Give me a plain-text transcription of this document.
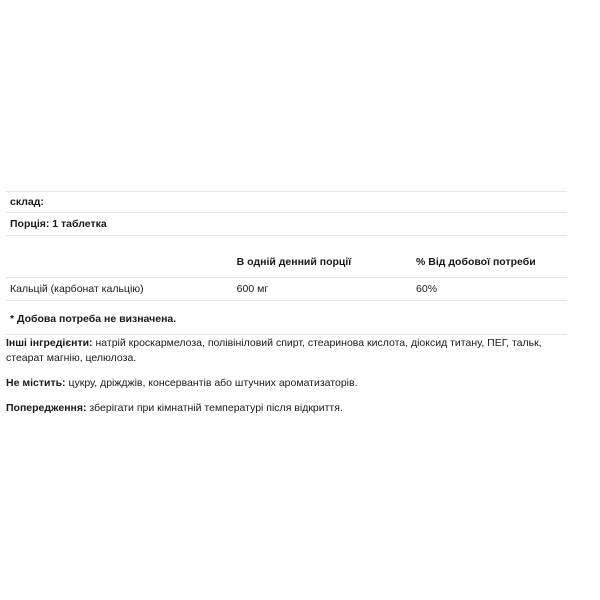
склад:		
Порція: 1 таблетка		
	В одній денний порції	% Від добової потреби
Кальцій (карбонат кальцію)	600 мг	60%
* Добова потреба не визначена.		

Інші інгредієнти: натрій кроскармелоза, полівініловий спирт, стеаринова кислота, діоксид титану, ПЕГ, тальк, стеарат магнію, целюлоза.

Не містить: цукру, дріжджів, консервантів або штучних ароматизаторів.

Попередження: зберігати при кімнатній температурі після відкриття.
